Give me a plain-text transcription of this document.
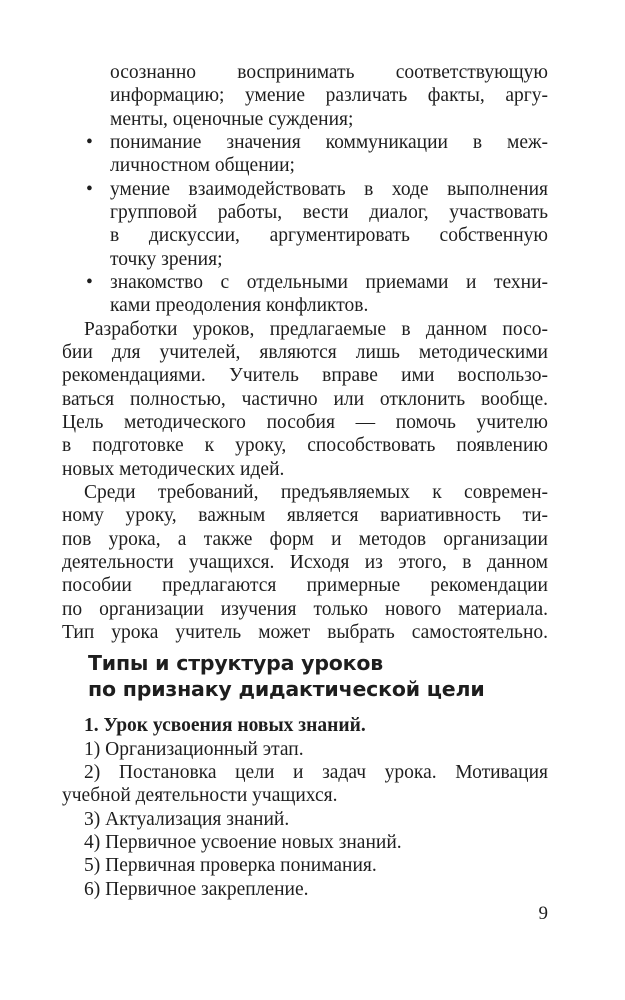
осознанно воспринимать соответствующую
информацию; умение различать факты, аргу-
менты, оценочные суждения;
• понимание значения коммуникации в меж-
личностном общении;
• умение взаимодействовать в ходе выполнения
групповой работы, вести диалог, участвовать
в дискуссии, аргументировать собственную
точку зрения;
• знакомство с отдельными приемами и техни-
ками преодоления конфликтов.
Разработки уроков, предлагаемые в данном посо-
бии для учителей, являются лишь методическими
рекомендациями. Учитель вправе ими воспользо-
ваться полностью, частично или отклонить вообще.
Цель методического пособия — помочь учителю
в подготовке к уроку, способствовать появлению
новых методических идей.
Среди требований, предъявляемых к современ-
ному уроку, важным является вариативность ти-
пов урока, а также форм и методов организации
деятельности учащихся. Исходя из этого, в данном
пособии предлагаются примерные рекомендации
по организации изучения только нового материала.
Тип урока учитель может выбрать самостоятельно.
Типы и структура уроков
по признаку дидактической цели
1. Урок усвоения новых знаний.
1) Организационный этап.
2) Постановка цели и задач урока. Мотивация
учебной деятельности учащихся.
3) Актуализация знаний.
4) Первичное усвоение новых знаний.
5) Первичная проверка понимания.
6) Первичное закрепление.
9
